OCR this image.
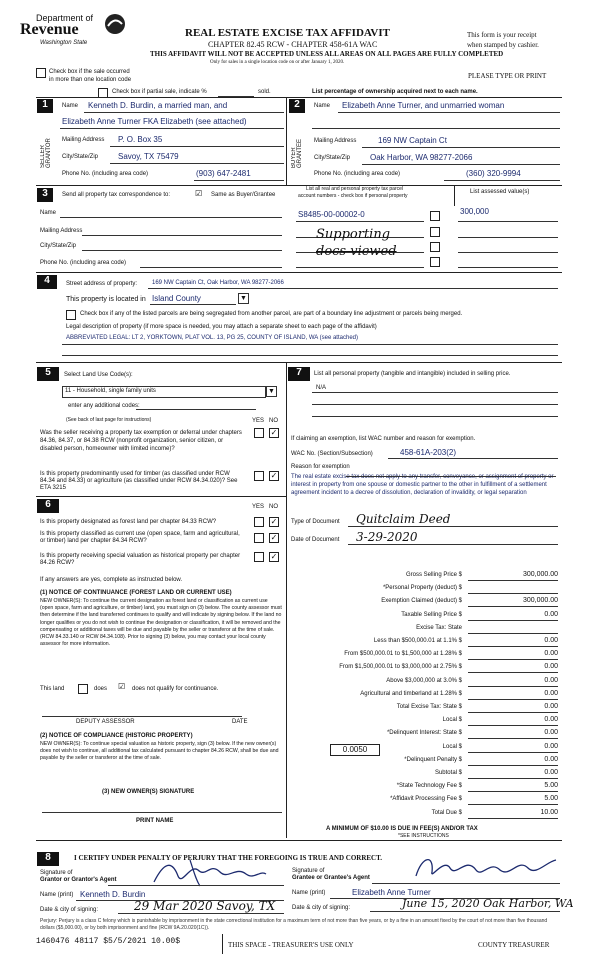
Department of
Revenue
Washington State
REAL ESTATE EXCISE TAX AFFIDAVIT
CHAPTER 82.45 RCW - CHAPTER 458-61A WAC
THIS AFFIDAVIT WILL NOT BE ACCEPTED UNLESS ALL AREAS ON ALL PAGES ARE FULLY COMPLETED
Only for sales in a single location code on or after January 1, 2020.
This form is your receipt
when stamped by cashier.
PLEASE TYPE OR PRINT
Check box if the sale occurred
in more than one location code
Check box if partial sale, indicate %	sold.	List percentage of ownership acquired next to each name.
1
SELLER GRANTOR
Name Kenneth D. Burdin, a married man, and
Elizabeth Anne Turner FKA Elizabeth (see attached)
Mailing Address P. O. Box 35
City/State/Zip Savoy, TX 75479
Phone No. (including area code)	(903) 647-2481
2
BUYER GRANTEE
Name Elizabeth Anne Turner, and unmarried woman
Mailing Address	169 NW Captain Ct
City/State/Zip Oak Harbor, WA 98277-2066
Phone No. (including area code)	(360) 320-9994
3	Send all property tax correspondence to:	☑ Same as Buyer/Grantee
Name
Mailing Address
City/State/Zip
Phone No. (including area code)
List all real and personal property tax parcel
account numbers - check box if personal property
List assessed value(s)
S8485-00-00002-0	300,000
Supporting
docs viewed
4	Street address of property: 169 NW Captain Ct, Oak Harbor, WA 98277-2066
This property is located in Island County	▼
Check box if any of the listed parcels are being segregated from another parcel, are part of a boundary line adjustment or parcels being merged.
Legal description of property (if more space is needed, you may attach a separate sheet to each page of the affidavit)
ABBREVIATED LEGAL: LT 2, YORKTOWN, PLAT VOL. 13, PG 25, COUNTY OF ISLAND, WA (see attached)
5	Select Land Use Code(s):
11 - Household, single family units	▼
enter any additional codes:
(See back of last page for instructions)	YES NO
Was the seller receiving a property tax exemption or deferral under chapters 84.36, 84.37, or 84.38 RCW (nonprofit organization, senior citizen, or disabled person, homeowner with limited income)?
✓
Is this property predominantly used for timber (as classified under RCW 84.34 and 84.33) or agriculture (as classified under RCW 84.34.020)? See ETA 3215
✓
6	YES NO
Is this property designated as forest land per chapter 84.33 RCW?	✓
Is this property classified as current use (open space, farm and agricultural, or timber) land per chapter 84.34 RCW?	✓
Is this property receiving special valuation as historical property per chapter 84.26 RCW?
✓
If any answers are yes, complete as instructed below.
(1) NOTICE OF CONTINUANCE (FOREST LAND OR CURRENT USE)
NEW OWNER(S): To continue the current designation as forest land or classification as current use (open space, farm and agriculture, or timber) land, you must sign on (3) below. The county assessor must then determine if the land transferred continues to qualify and will indicate by signing below. If the land no longer qualifies or you do not wish to continue the designation or classification, it will be removed and the compensating or additional taxes will be due and payable by the seller or transferor at the time of sale. (RCW 84.33.140 or RCW 84.34.108). Prior to signing (3) below, you may contact your local county assessor for more information.
This land	does ☑ does not qualify for continuance.
DEPUTY ASSESSOR	DATE
(2) NOTICE OF COMPLIANCE (HISTORIC PROPERTY)
NEW OWNER(S): To continue special valuation as historic property, sign (3) below. If the new owner(s) does not wish to continue, all additional tax calculated pursuant to chapter 84.26 RCW, shall be due and payable by the seller or transferor at the time of sale.
(3) NEW OWNER(S) SIGNATURE
PRINT NAME
7	List all personal property (tangible and intangible) included in selling price.
N/A
If claiming an exemption, list WAC number and reason for exemption.
WAC No. (Section/Subsection)	458-61A-203(2)
Reason for exemption
The real estate excise tax does not apply to any transfer, conveyance, or assignment of property or interest in property from one spouse or domestic partner to the other in fulfillment of a settlement agreement incident to a decree of dissolution, declaration of invalidity, or legal separation
Type of Document Quitclaim Deed
Date of Document 3-29-2020
Gross Selling Price $	300,000.00
*Personal Property (deduct) $
Exemption Claimed (deduct) $	300,000.00
Taxable Selling Price $	0.00
Excise Tax: State
Less than $500,000.01 at 1.1% $	0.00
From $500,000.01 to $1,500,000 at 1.28% $	0.00
From $1,500,000.01 to $3,000,000 at 2.75% $	0.00
Above $3,000,000 at 3.0% $	0.00
Agricultural and timberland at 1.28% $	0.00
Total Excise Tax: State $	0.00
Local $	0.00
*Delinquent Interest: State $	0.00
Local $	0.00
*Delinquent Penalty $	0.00
Subtotal $	0.00
*State Technology Fee $	5.00
*Affidavit Processing Fee $	5.00
Total Due $	10.00

0.0050
A MINIMUM OF $10.00 IS DUE IN FEE(S) AND/OR TAX
*SEE INSTRUCTIONS
8	I CERTIFY UNDER PENALTY OF PERJURY THAT THE FOREGOING IS TRUE AND CORRECT.
Signature of
Grantor or Grantor's Agent
Name (print) Kenneth D. Burdin
Date & city of signing:	29 Mar 2020 Savoy, TX
Signature of
Grantee or Grantee's Agent
Name (print)	Elizabeth Anne Turner
Date & city of signing:	June 15, 2020 Oak Harbor, WA
Perjury: Perjury is a class C felony which is punishable by imprisonment in the state correctional institution for a maximum term of not more than five years, or by a fine in an amount fixed by the court of not more than five thousand dollars ($5,000.00), or by both imprisonment and fine (RCW 9A.20.020(1C)).
1460476 48117 $5/5/2021 10.00$	THIS SPACE - TREASURER'S USE ONLY	COUNTY TREASURER
